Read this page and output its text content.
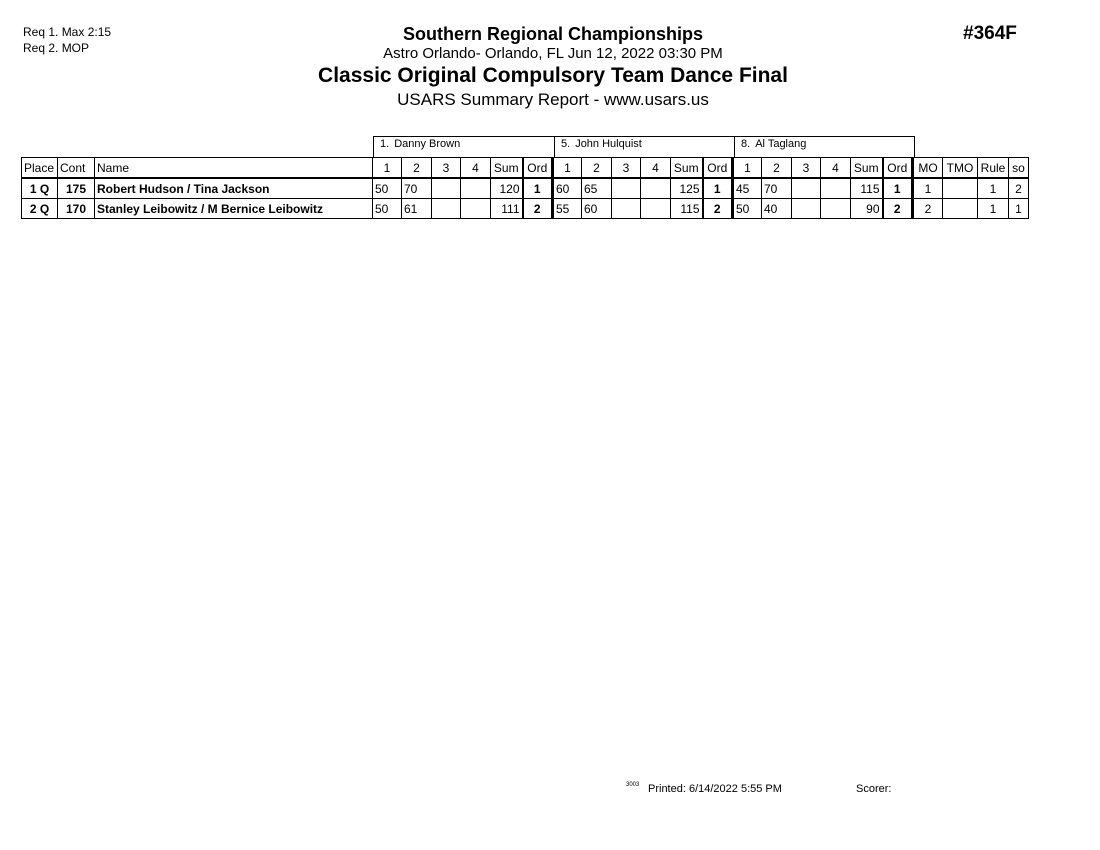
Req 1. Max 2:15
Req 2. MOP
#364F
Southern Regional Championships
Astro Orlando- Orlando, FL Jun 12, 2022 03:30 PM
Classic Original Compulsory Team Dance Final
USARS Summary Report - www.usars.us
1. Danny Brown	5. John Hulquist	8. Al Taglang
Place	Cont	Name	1	2	3	4	Sum	Ord	1	2	3	4	Sum	Ord	1	2	3	4	Sum	Ord	MO	TMO	Rule	so
1 Q	175	Robert Hudson / Tina Jackson	50	70			120	1	60	65			125	1	45	70			115	1	1		1	2
2 Q	170	Stanley Leibowitz / M Bernice Leibowitz	50	61			111	2	55	60			115	2	50	40			90	2	2		1	1
3003 Printed: 6/14/2022 5:55 PM	Scorer:
